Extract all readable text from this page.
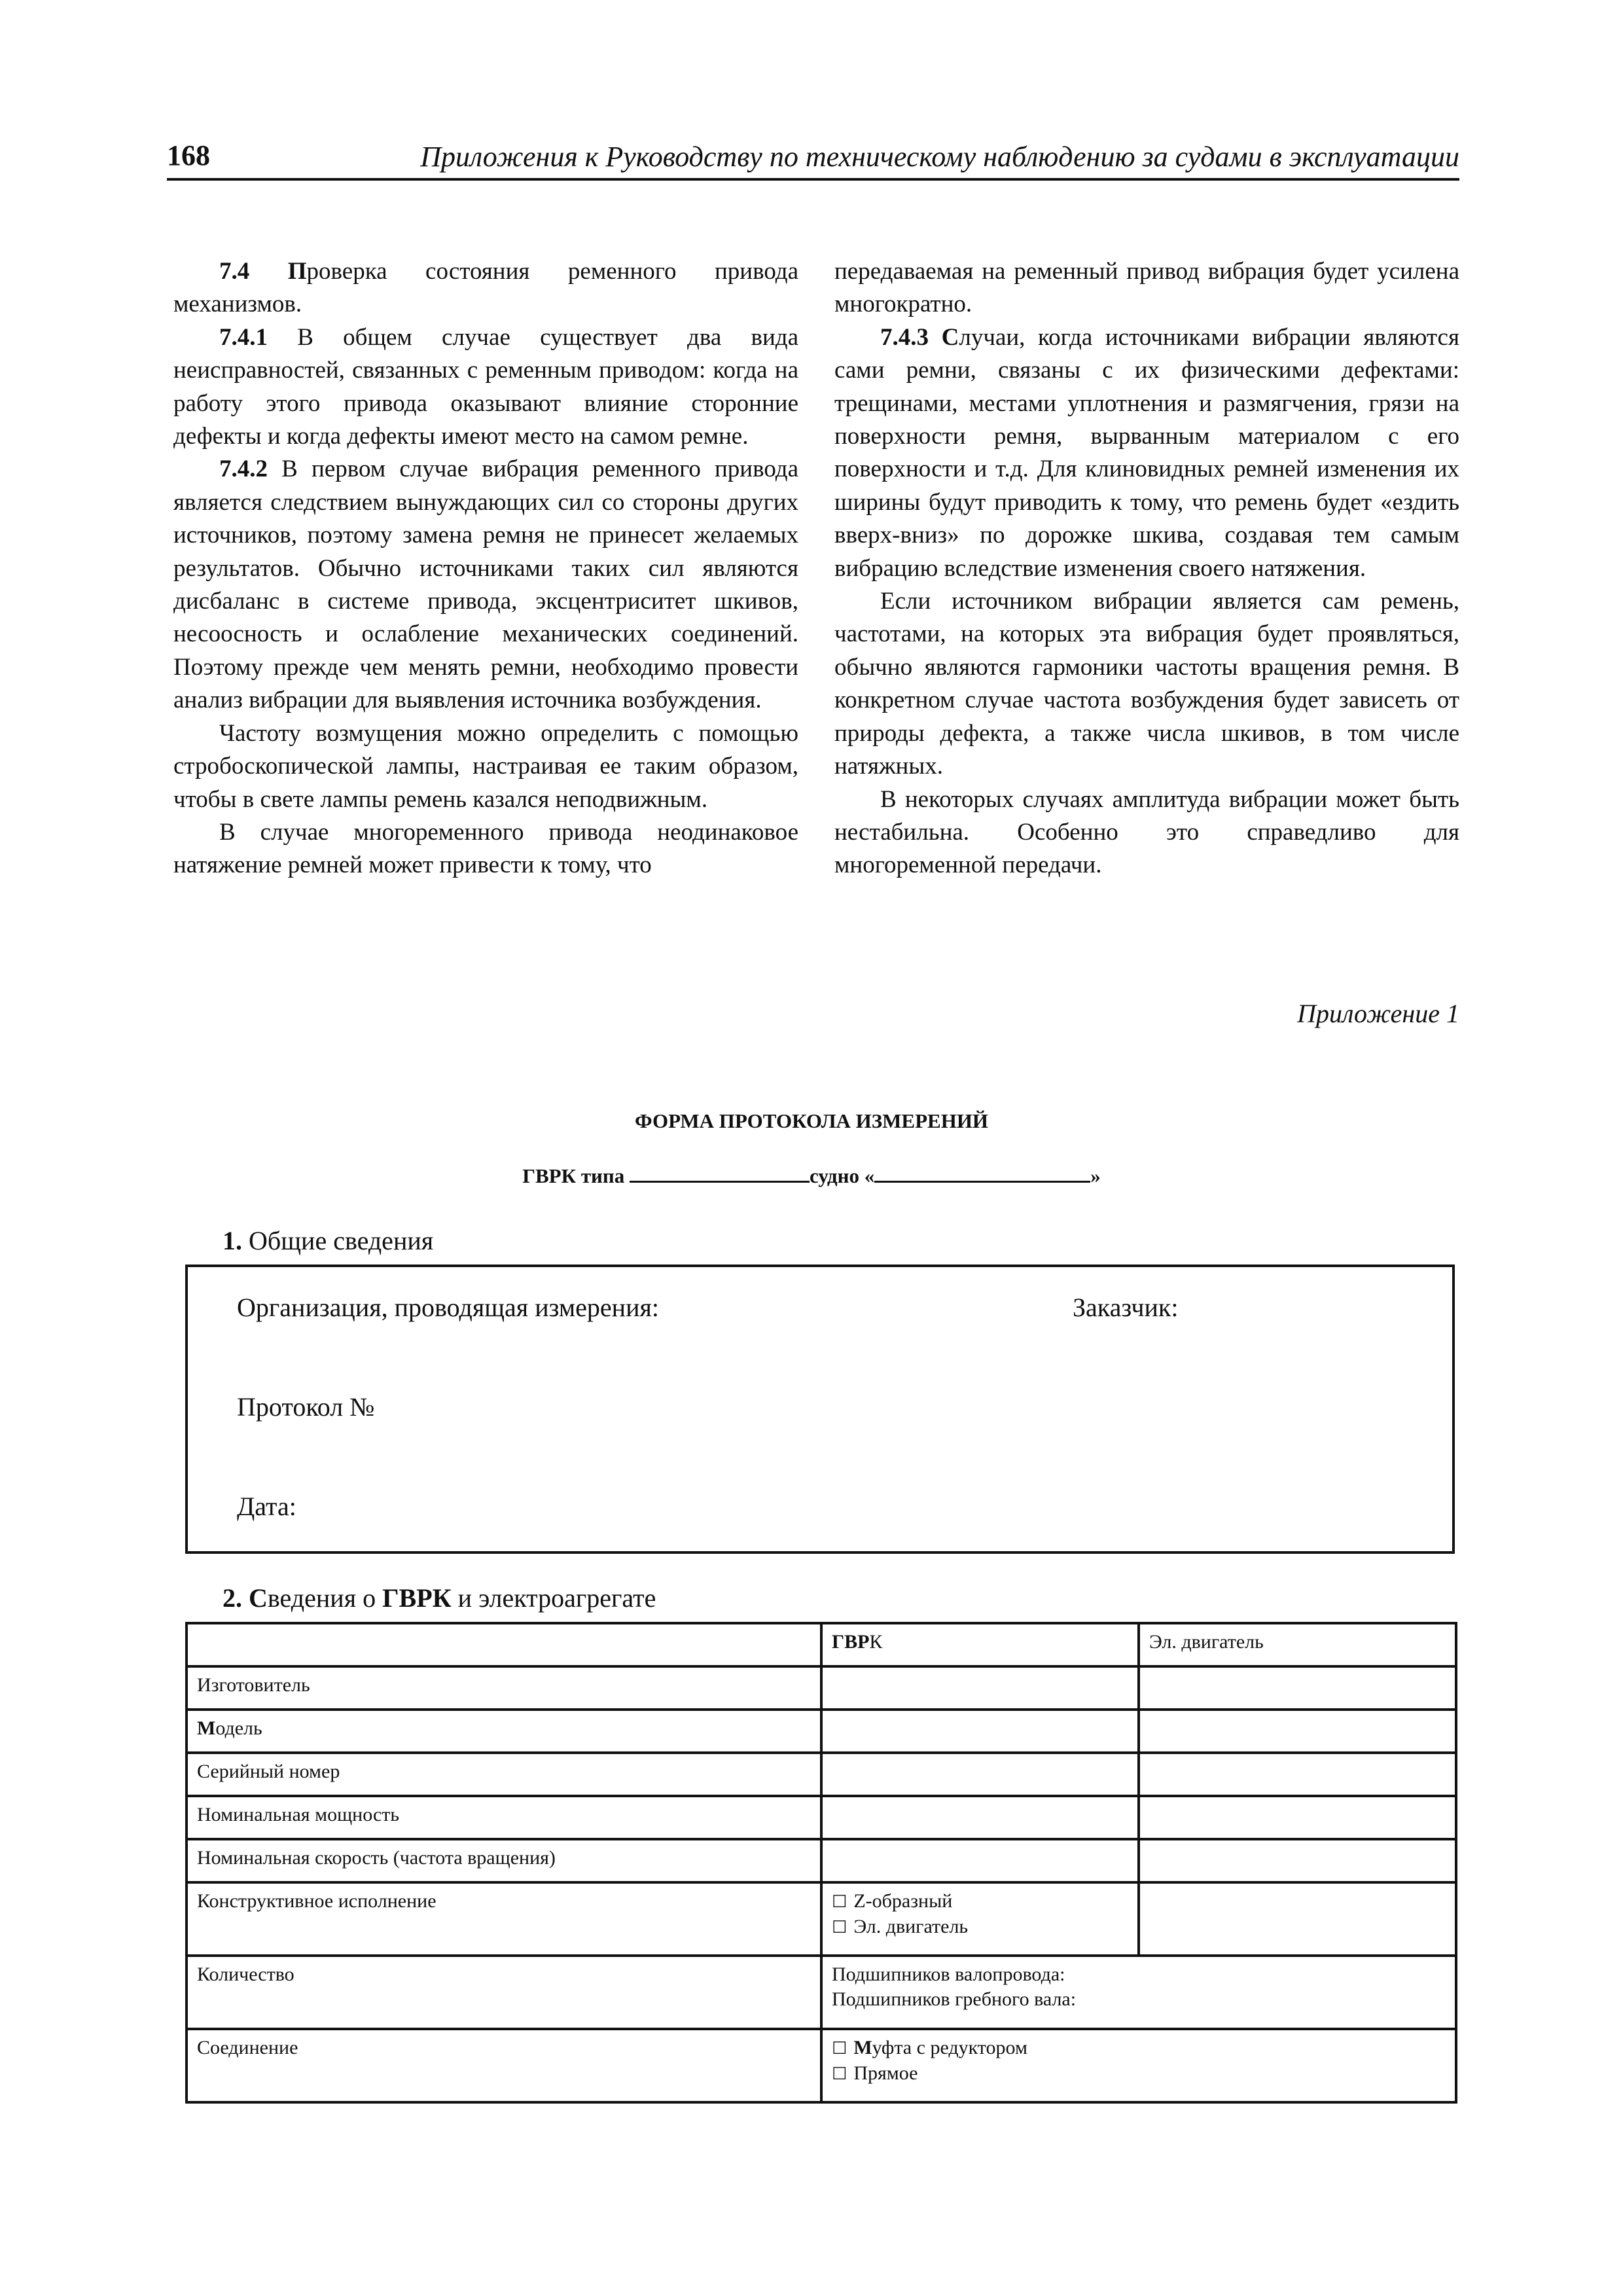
168	Приложения к Руководству по техническому наблюдению за судами в эксплуатации

7.4 Проверка состояния ременного привода механизмов.

7.4.1 В общем случае существует два вида неисправностей, связанных с ременным приводом: когда на работу этого привода оказывают влияние сторонние дефекты и когда дефекты имеют место на самом ремне.

7.4.2 В первом случае вибрация ременного привода является следствием вынуждающих сил со стороны других источников, поэтому замена ремня не принесет желаемых результатов. Обычно источниками таких сил являются дисбаланс в системе привода, эксцентриситет шкивов, несоосность и ослабление механических соединений. Поэтому прежде чем менять ремни, необходимо провести анализ вибрации для выявления источника возбуждения.

Частоту возмущения можно определить с помощью стробоскопической лампы, настраивая ее таким образом, чтобы в свете лампы ремень казался неподвижным.

В случае многоременного привода неодинаковое натяжение ремней может привести к тому, что

передаваемая на ременный привод вибрация будет усилена многократно.

7.4.3 Случаи, когда источниками вибрации являются сами ремни, связаны с их физическими дефектами: трещинами, местами уплотнения и размягчения, грязи на поверхности ремня, вырванным материалом с его поверхности и т.д. Для клиновидных ремней изменения их ширины будут приводить к тому, что ремень будет «ездить вверх-вниз» по дорожке шкива, создавая тем самым вибрацию вследствие изменения своего натяжения.

Если источником вибрации является сам ремень, частотами, на которых эта вибрация будет проявляться, обычно являются гармоники частоты вращения ремня. В конкретном случае частота возбуждения будет зависеть от природы дефекта, а также числа шкивов, в том числе натяжных.

В некоторых случаях амплитуда вибрации может быть нестабильна. Особенно это справедливо для многоременной передачи.

Приложение 1
ФОРМА ПРОТОКОЛА ИЗМЕРЕНИЙ
ГВРК типа	судно «	»
1. Общие сведения
Организация, проводящая измерения:	Заказчик:
Протокол №
Дата:
2. Сведения о ГВРК и электроагрегате
	ГВРК	Эл. двигатель
Изготовитель		
Модель		
Серийный номер		
Номинальная мощность		
Номинальная скорость (частота вращения)		
Конструктивное исполнение	☐ Z-образный
☐ Эл. двигатель	

Количество	Подшипников валопровода:
Подшипников гребного вала:	

Соединение	☐ Муфта с редуктором
☐ Прямое	
